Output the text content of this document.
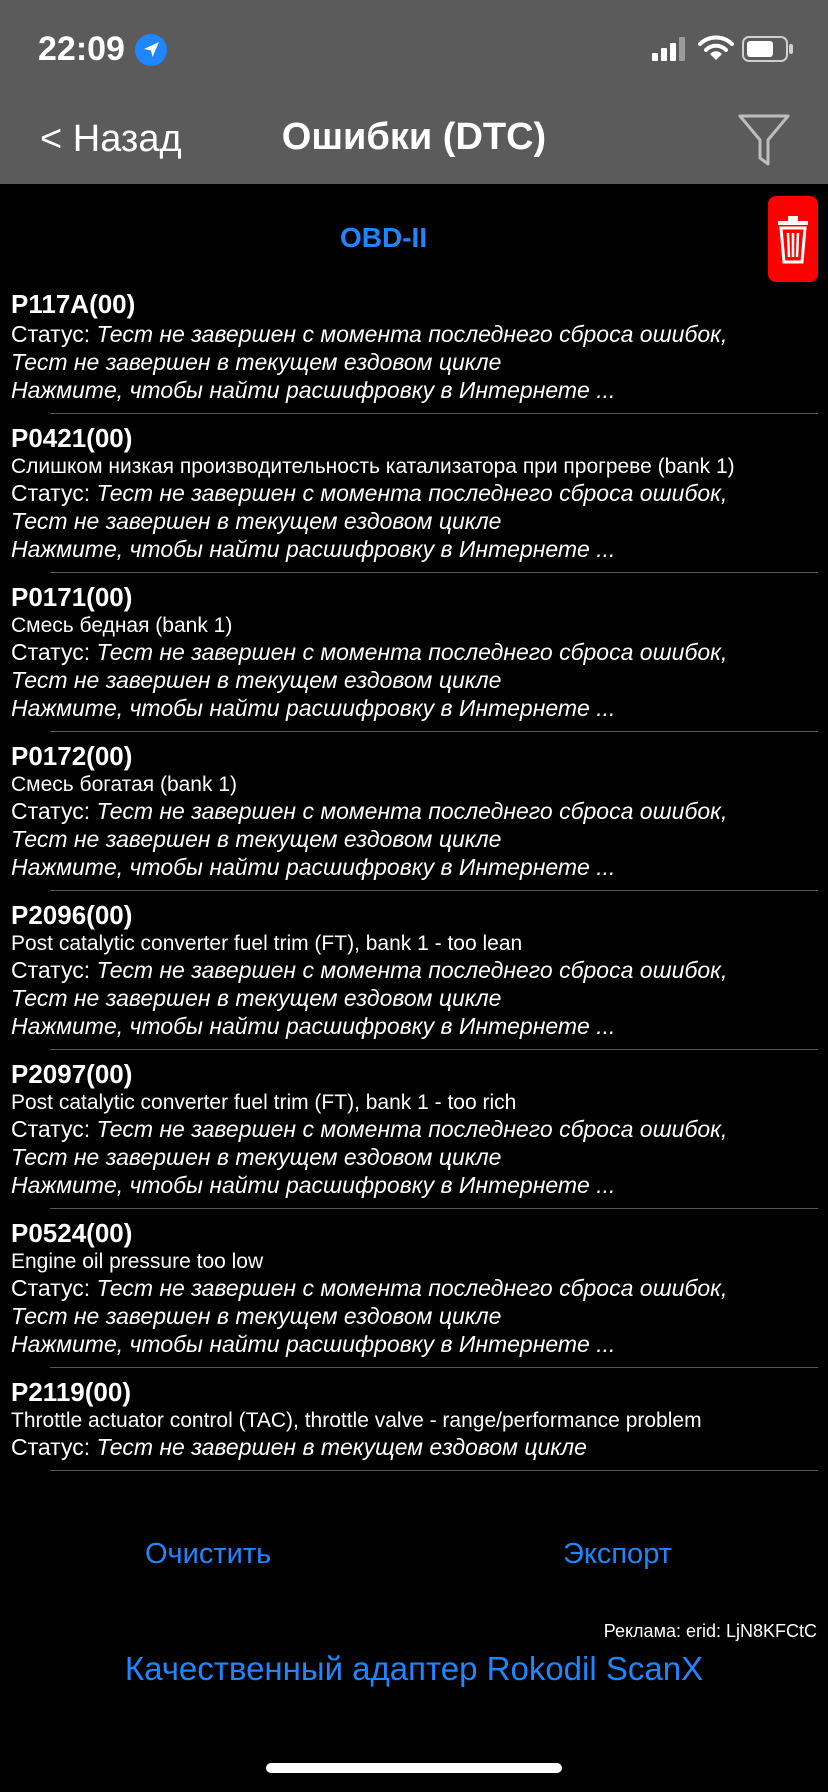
22:09
< Назад	Ошибки (DTC)
OBD-II
P117A(00)
Статус: Тест не завершен с момента последнего сброса ошибок,
Тест не завершен в текущем ездовом цикле
Нажмите, чтобы найти расшифровку в Интернете ...
P0421(00)
Слишком низкая производительность катализатора при прогреве (bank 1)
Статус: Тест не завершен с момента последнего сброса ошибок,
Тест не завершен в текущем ездовом цикле
Нажмите, чтобы найти расшифровку в Интернете ...
P0171(00)
Смесь бедная (bank 1)
Статус: Тест не завершен с момента последнего сброса ошибок,
Тест не завершен в текущем ездовом цикле
Нажмите, чтобы найти расшифровку в Интернете ...
P0172(00)
Смесь богатая (bank 1)
Статус: Тест не завершен с момента последнего сброса ошибок,
Тест не завершен в текущем ездовом цикле
Нажмите, чтобы найти расшифровку в Интернете ...
P2096(00)
Post catalytic converter fuel trim (FT), bank 1 - too lean
Статус: Тест не завершен с момента последнего сброса ошибок,
Тест не завершен в текущем ездовом цикле
Нажмите, чтобы найти расшифровку в Интернете ...
P2097(00)
Post catalytic converter fuel trim (FT), bank 1 - too rich
Статус: Тест не завершен с момента последнего сброса ошибок,
Тест не завершен в текущем ездовом цикле
Нажмите, чтобы найти расшифровку в Интернете ...
P0524(00)
Engine oil pressure too low
Статус: Тест не завершен с момента последнего сброса ошибок,
Тест не завершен в текущем ездовом цикле
Нажмите, чтобы найти расшифровку в Интернете ...
P2119(00)
Throttle actuator control (TAC), throttle valve - range/performance problem
Статус: Тест не завершен в текущем ездовом цикле
Очистить	Экспорт
Реклама: erid: LjN8KFCtC
Качественный адаптер Rokodil ScanX
